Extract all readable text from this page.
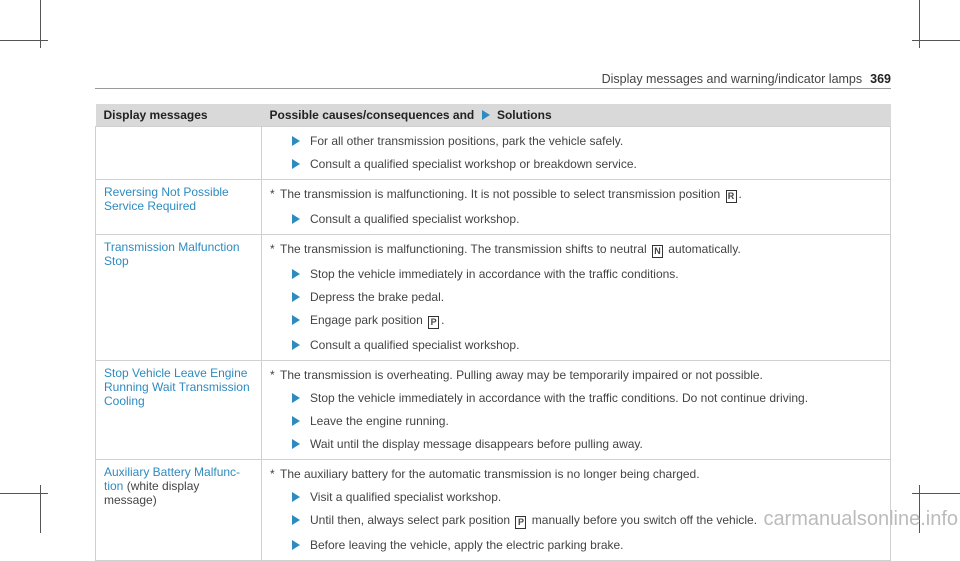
Display messages and warning/indicator lamps 369
Display messages	Possible causes/consequences and Solutions

	For all other transmission positions, park the vehicle safely.
Consult a qualified specialist workshop or breakdown service.

Reversing Not Possible Service Required	* The transmission is malfunctioning. It is not possible to select transmission position R .
Consult a qualified specialist workshop.

Transmission Malfunction Stop	* The transmission is malfunctioning. The transmission shifts to neutral N automatically.
Stop the vehicle immediately in accordance with the traffic conditions.
Depress the brake pedal.
Engage park position P .
Consult a qualified specialist workshop.

Stop Vehicle Leave Engine Running Wait Transmission Cooling	* The transmission is overheating. Pulling away may be temporarily impaired or not possible.
Stop the vehicle immediately in accordance with the traffic conditions. Do not continue driving.
Leave the engine running.
Wait until the display message disappears before pulling away.

Auxiliary Battery Malfunc-tion (white display message)	* The auxiliary battery for the automatic transmission is no longer being charged.
Visit a qualified specialist workshop.
Until then, always select park position P manually before you switch off the vehicle.
Before leaving the vehicle, apply the electric parking brake.
carmanualsonline.info
